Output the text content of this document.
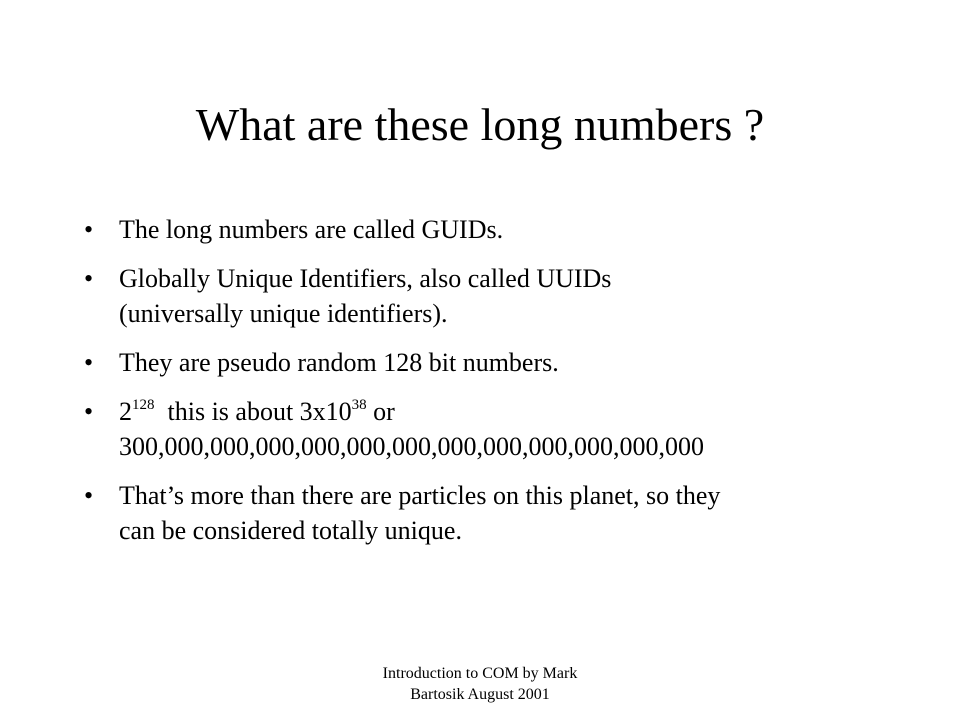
What are these long numbers ?
• The long numbers are called GUIDs.
• Globally Unique Identifiers, also called UUIDs
(universally unique identifiers).
• They are pseudo random 128 bit numbers.
• $2^{128}$  this is about $3x10^{38}$ or
300,000,000,000,000,000,000,000,000,000,000,000,000
• That’s more than there are particles on this planet, so they
can be considered totally unique.
Introduction to COM by Mark
Bartosik August 2001
